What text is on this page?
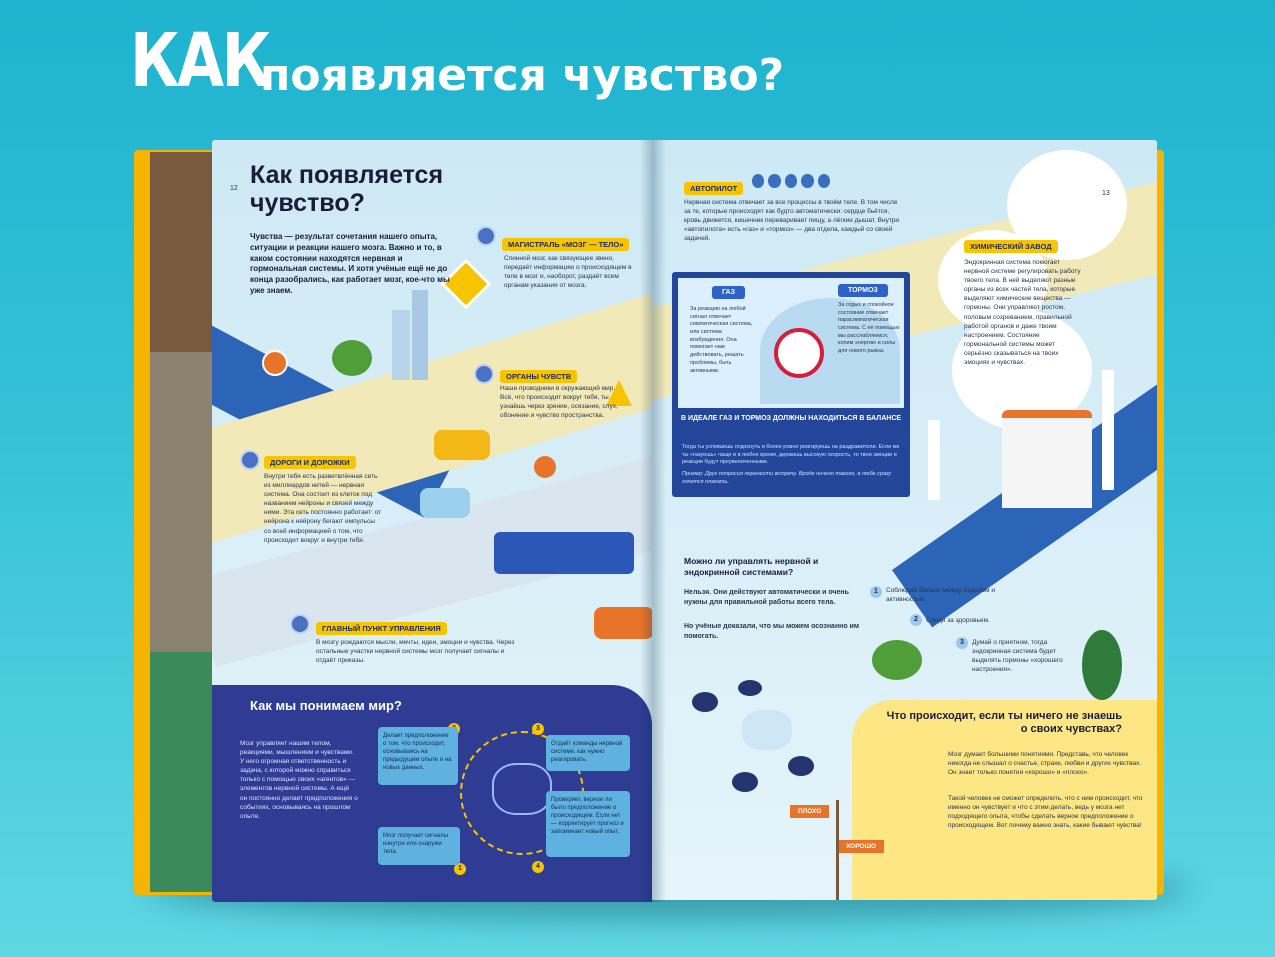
КАК
появляется чувство?
12 Как появляется чувство?
Чувства — результат сочетания нашего опыта, ситуации и реакции нашего мозга. Важно и то, в каком состоянии находятся нервная и гормональная системы. И хотя учёные ещё не до конца разобрались, как работает мозг, кое-что мы уже знаем.
МАГИСТРАЛЬ «МОЗГ — ТЕЛО»
Спинной мозг, как связующее звено, передаёт информацию о происходящем в теле в мозг и, наоборот, раздаёт всем органам указания от мозга.
ОРГАНЫ ЧУВСТВ
Наши проводники в окружающий мир. Всё, что происходит вокруг тебя, ты узнаёшь через зрение, осязание, слух, обоняние и чувство пространства.
ДОРОГИ И ДОРОЖКИ
Внутри тебя есть разветвлённая сеть из миллиардов нитей — нервная система. Она состоит из клеток под названием нейроны и связей между ними. Эта сеть постоянно работает: от нейрона к нейрону бегают импульсы со всей информацией о том, что происходит вокруг и внутри тебя.
ГЛАВНЫЙ ПУНКТ УПРАВЛЕНИЯ
В мозгу рождаются мысли, мечты, идеи, эмоции и чувства. Через остальные участки нервной системы мозг получает сигналы и отдаёт приказы.
Как мы понимаем мир?
Мозг управляет нашим телом, реакциями, мышлением и чувствами. У него огромная ответственность и задача, с которой можно справиться только с помощью своих «агентов» — элементов нервной системы. А ещё он постоянно делает предположения о событиях, основываясь на прошлом опыте.
1
Мозг получает сигналы изнутри или снаружи тела.
Делает предположение о том, что происходит, основываясь на предыдущем опыте и на новых данных.
3
Отдаёт команды нервной системе, как нужно реагировать.
4
Проверяет, верное ли было предположение о происходящем. Если нет — корректирует прогноз и запоминает новый опыт.
13
АВТОПИЛОТ
Нервная система отвечает за все процессы в твоём теле. В том числе за те, которые происходят как будто автоматически: сердце бьётся, кровь движется, кишечник переваривает пищу, а лёгкие дышат. Внутри «автопилота» есть «газ» и «тормоз» — два отдела, каждый со своей задачей.
ГАЗ
За реакцию на любой сигнал отвечает симпатическая система, или система возбуждения. Она помогает нам действовать, решать проблемы, быть активными.
ТОРМОЗ
За отдых и спокойное состояние отвечает парасимпатическая система. С её помощью мы расслабляемся, копим энергию и силы для нового рывка.
В ИДЕАЛЕ ГАЗ И ТОРМОЗ ДОЛЖНЫ НАХОДИТЬСЯ В БАЛАНСЕ
Тогда ты успеваешь отдохнуть и более ровно реагируешь на раздражители. Если же ты «газуешь» чаще и в любое время, держишь высокую скорость, то твои эмоции и реакции будут преувеличенными.
Пример: Друг попросил перенести встречу. Вроде ничего такого, а тебе сразу хочется плакать.
ХИМИЧЕСКИЙ ЗАВОД
Эндокринная система помогает нервной системе регулировать работу твоего тела. В ней выделяют разные органы из всех частей тела, которые выделяют химические вещества — гормоны. Они управляют ростом, половым созреванием, правильной работой органов и даже твоим настроением. Состояние гормональной системы может серьёзно сказываться на твоих эмоциях и чувствах.
Можно ли управлять нервной и эндокринной системами?
Нельзя. Они действуют автоматически и очень нужны для правильной работы всего тела.
Но учёные доказали, что мы можем осознанно им помогать.
1	Соблюдай баланс между отдыхом и активностью.
2	Следи за здоровьем.
3	Думай о приятном, тогда эндокринная система будет выделять гормоны «хорошего настроения».
Что происходит, если ты ничего не знаешь о своих чувствах?
Мозг думает большими понятиями. Представь, что человек никогда не слышал о счастье, страхе, любви и других чувствах. Он знает только понятия «хорошо» и «плохо».
Такой человек не сможет определить, что с ним происходит, что именно он чувствует и что с этим делать, ведь у мозга нет подходящего опыта, чтобы сделать верное предположение о происходящем. Вот почему важно знать, какие бывают чувства!
ПЛОХО
ХОРОШО
